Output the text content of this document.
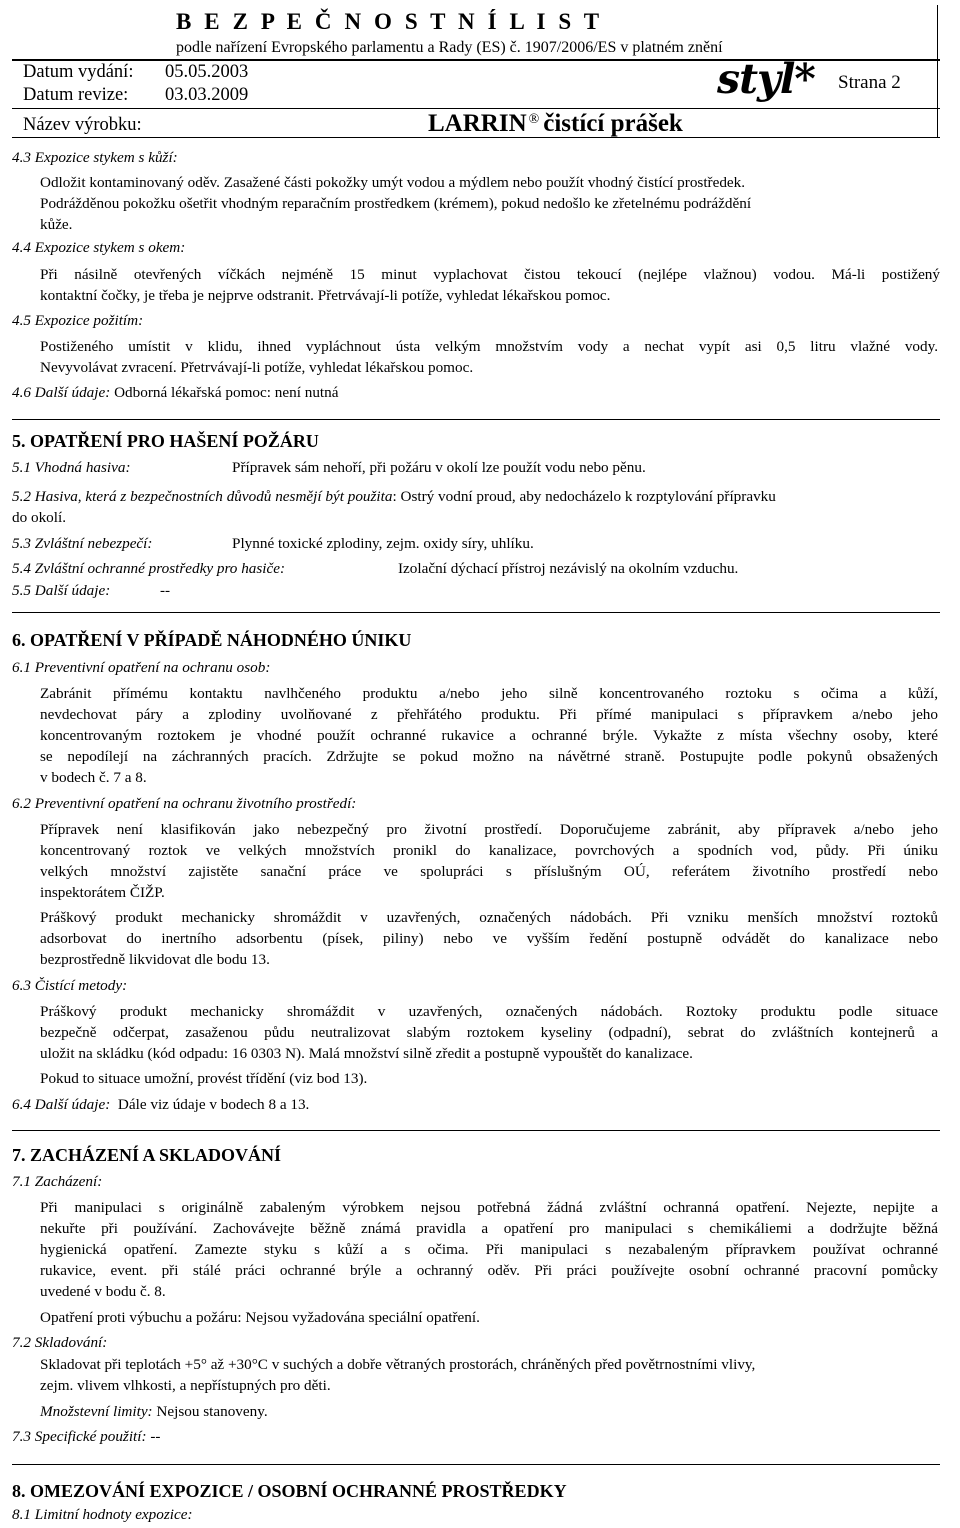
B E Z P E Č N O S T N Í L I S T
podle nařízení Evropského parlamentu a Rady (ES) č. 1907/2006/ES v platném znění
Datum vydání: 05.05.2003
Datum revize: 03.03.2009	styl* Strana 2
Název výrobku:	LARRIN ® čistící prášek
4.3 Expozice stykem s kůží:
Odložit kontaminovaný oděv. Zasažené části pokožky umýt vodou a mýdlem nebo použít vhodný čistící prostředek.
Podrážděnou pokožku ošetřit vhodným reparačním prostředkem (krémem), pokud nedošlo ke zřetelnému podráždění
kůže.
4.4 Expozice stykem s okem:
Při násilně otevřených víčkách nejméně 15 minut vyplachovat čistou tekoucí (nejlépe vlažnou) vodou. Má-li postižený
kontaktní čočky, je třeba je nejprve odstranit. Přetrvávají-li potíže, vyhledat lékařskou pomoc.
4.5 Expozice požitím:
Postiženého umístit v klidu, ihned vypláchnout ústa velkým množstvím vody a nechat vypít asi 0,5 litru vlažné vody.
Nevyvolávat zvracení. Přetrvávají-li potíže, vyhledat lékařskou pomoc.
4.6 Další údaje: Odborná lékařská pomoc: není nutná
5. OPATŘENÍ PRO HAŠENÍ POŽÁRU
5.1 Vhodná hasiva:	Přípravek sám nehoří, při požáru v okolí lze použít vodu nebo pěnu.
5.2 Hasiva, která z bezpečnostních důvodů nesmějí být použita: Ostrý vodní proud, aby nedocházelo k rozptylování přípravku
do okolí.
5.3 Zvláštní nebezpečí:	Plynné toxické zplodiny, zejm. oxidy síry, uhlíku.
5.4 Zvláštní ochranné prostředky pro hasiče:	Izolační dýchací přístroj nezávislý na okolním vzduchu.
5.5 Další údaje:	--
6. OPATŘENÍ V PŘÍPADĚ NÁHODNÉHO ÚNIKU
6.1 Preventivní opatření na ochranu osob:
Zabránit přímému kontaktu navlhčeného produktu a/nebo jeho silně koncentrovaného roztoku s očima a kůží,
nevdechovat páry a zplodiny uvolňované z přehřátého produktu. Při přímé manipulaci s přípravkem a/nebo jeho
koncentrovaným roztokem je vhodné použít ochranné rukavice a ochranné brýle. Vykažte z místa všechny osoby, které
se nepodílejí na záchranných pracích. Zdržujte se pokud možno na návětrné straně. Postupujte podle pokynů obsažených
v bodech č. 7 a 8.
6.2 Preventivní opatření na ochranu životního prostředí:
Přípravek není klasifikován jako nebezpečný pro životní prostředí. Doporučujeme zabránit, aby přípravek a/nebo jeho
koncentrovaný roztok ve velkých množstvích pronikl do kanalizace, povrchových a spodních vod, půdy. Při úniku
velkých množství zajistěte sanační práce ve spolupráci s příslušným OÚ, referátem životního prostředí nebo
inspektorátem ČIŽP.
Práškový produkt mechanicky shromáždit v uzavřených, označených nádobách. Při vzniku menších množství roztoků
adsorbovat do inertního adsorbentu (písek, piliny) nebo ve vyšším ředění postupně odvádět do kanalizace nebo
bezprostředně likvidovat dle bodu 13.
6.3 Čistící metody:
Práškový produkt mechanicky shromáždit v uzavřených, označených nádobách. Roztoky produktu podle situace
bezpečně odčerpat, zasaženou půdu neutralizovat slabým roztokem kyseliny (odpadní), sebrat do zvláštních kontejnerů a
uložit na skládku (kód odpadu: 16 0303 N). Malá množství silně zředit a postupně vypouštět do kanalizace.
Pokud to situace umožní, provést třídění (viz bod 13).
6.4 Další údaje: Dále viz údaje v bodech 8 a 13.
7. ZACHÁZENÍ A SKLADOVÁNÍ
7.1 Zacházení:
Při manipulaci s originálně zabaleným výrobkem nejsou potřebná žádná zvláštní ochranná opatření. Nejezte, nepijte a
nekuřte při používání. Zachovávejte běžně známá pravidla a opatření pro manipulaci s chemikáliemi a dodržujte běžná
hygienická opatření. Zamezte styku s kůží a s očima. Při manipulaci s nezabaleným přípravkem používat ochranné
rukavice, event. při stálé práci ochranné brýle a ochranný oděv. Při práci používejte osobní ochranné pracovní pomůcky
uvedené v bodu č. 8.
Opatření proti výbuchu a požáru: Nejsou vyžadována speciální opatření.
7.2 Skladování:
Skladovat při teplotách +5° až +30°C v suchých a dobře větraných prostorách, chráněných před povětrnostními vlivy,
zejm. vlivem vlhkosti, a nepřístupných pro děti.
Množstevní limity: Nejsou stanoveny.
7.3 Specifické použití: --
8. OMEZOVÁNÍ EXPOZICE / OSOBNÍ OCHRANNÉ PROSTŘEDKY
8.1 Limitní hodnoty expozice:
